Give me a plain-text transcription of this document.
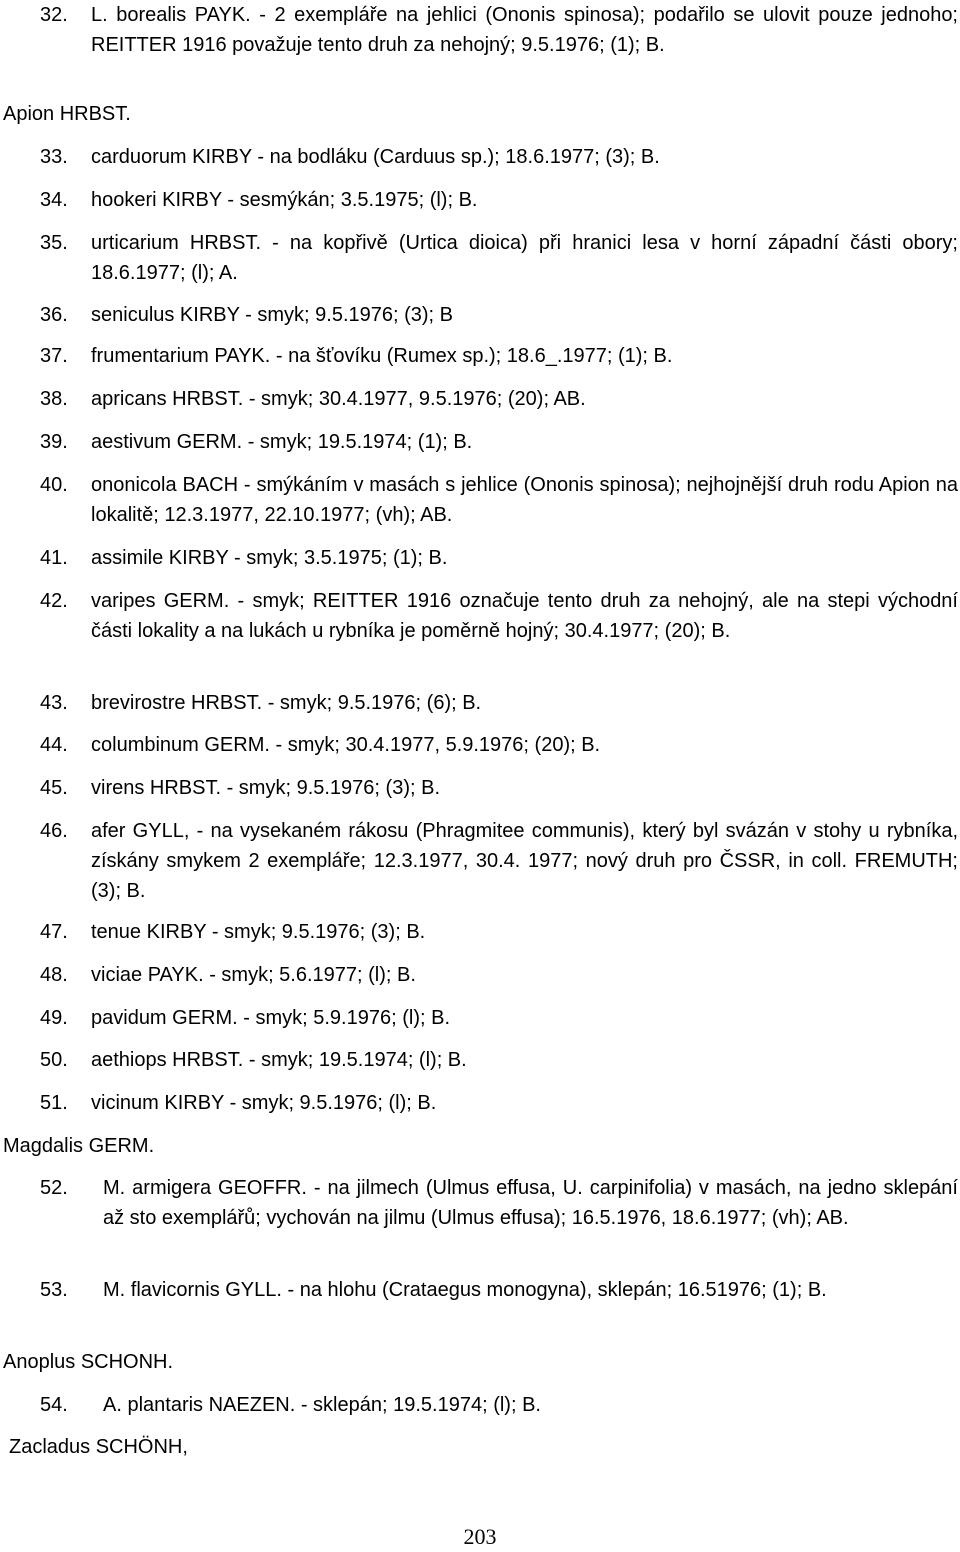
32. L. borealis PAYK. - 2 exempláře na jehlici (Ononis spinosa); podařilo se ulovit pouze jednoho; REITTER 1916 považuje tento druh za nehojný; 9.5.1976; (1); B.
Apion HRBST.
33. carduorum KIRBY - na bodláku (Carduus sp.); 18.6.1977; (3); B.
34. hookeri KIRBY - sesmýkán; 3.5.1975; (l); B.
35. urticarium HRBST. - na kopřivě (Urtica dioica) při hranici lesa v horní západní části obory; 18.6.1977; (l); A.
36. seniculus KIRBY - smyk; 9.5.1976; (3); B
37. frumentarium PAYK. - na šťovíku (Rumex sp.); 18.6_.1977; (1); B.
38. apricans HRBST. - smyk; 30.4.1977, 9.5.1976; (20); AB.
39. aestivum GERM. - smyk; 19.5.1974; (1); B.
40. ononicola BACH - smýkáním v masách s jehlice (Ononis spinosa); nejhojnější druh rodu Apion na lokalitě; 12.3.1977, 22.10.1977; (vh); AB.
41. assimile KIRBY - smyk; 3.5.1975; (1); B.
42. varipes GERM. - smyk; REITTER 1916 označuje tento druh za nehojný, ale na stepi východní části lokality a na lukách u rybníka je poměrně hojný; 30.4.1977; (20); B.
43. brevirostre HRBST. - smyk; 9.5.1976; (6); B.
44. columbinum GERM. - smyk; 30.4.1977, 5.9.1976; (20); B.
45. virens HRBST. - smyk; 9.5.1976; (3); B.
46. afer GYLL, - na vysekaném rákosu (Phragmitee communis), který byl svázán v stohy u rybníka, získány smykem 2 exempláře; 12.3.1977, 30.4. 1977; nový druh pro ČSSR, in coll. FREMUTH; (3); B.
47. tenue KIRBY - smyk; 9.5.1976; (3); B.
48. viciae PAYK. - smyk; 5.6.1977; (l); B.
49. pavidum GERM. - smyk; 5.9.1976; (l); B.
50. aethiops HRBST. - smyk; 19.5.1974; (l); B.
51. vicinum KIRBY - smyk; 9.5.1976; (l); B.
Magdalis GERM.
52. M. armigera GEOFFR. - na jilmech (Ulmus effusa, U. carpinifolia) v masách, na jedno sklepání až sto exemplářů; vychován na jilmu (Ulmus effusa); 16.5.1976, 18.6.1977; (vh); AB.
53. M. flavicornis GYLL. - na hlohu (Crataegus monogyna), sklepán; 16.51976; (1); B.
Anoplus SCHONH.
54. A. plantaris NAEZEN. - sklepán; 19.5.1974; (l); B.
Zacladus SCHÖNH,
203
